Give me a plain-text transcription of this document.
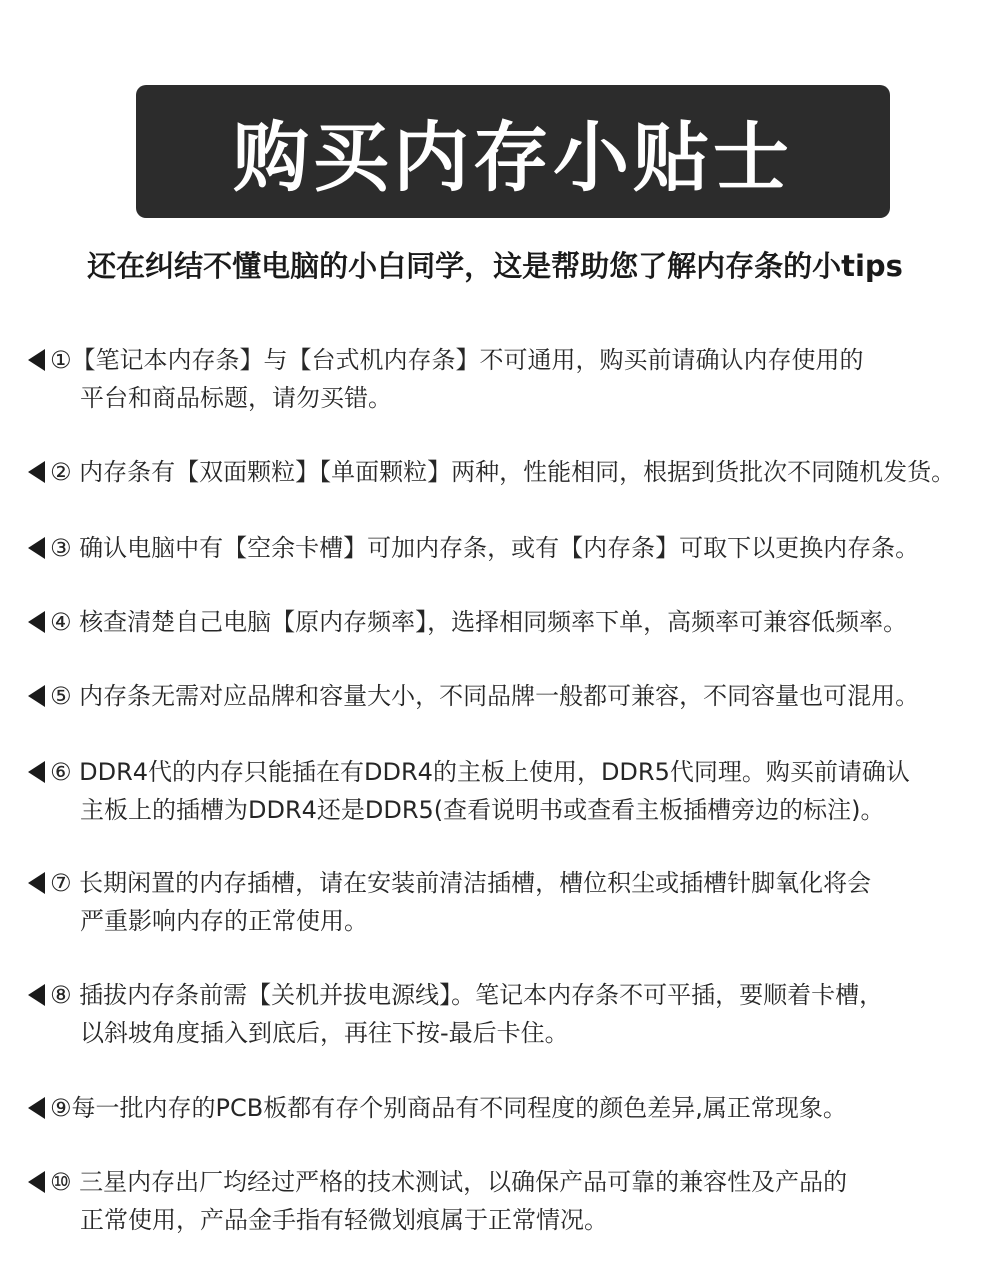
购买内存小贴士
还在纠结不懂电脑的小白同学，这是帮助您了解内存条的小tips
①【笔记本内存条】与【台式机内存条】不可通用，购买前请确认内存使用的
平台和商品标题，请勿买错。
② 内存条有【双面颗粒】【单面颗粒】两种，性能相同，根据到货批次不同随机发货。
③ 确认电脑中有【空余卡槽】可加内存条，或有【内存条】可取下以更换内存条。
④ 核查清楚自己电脑【原内存频率】，选择相同频率下单，高频率可兼容低频率。
⑤ 内存条无需对应品牌和容量大小，不同品牌一般都可兼容，不同容量也可混用。
⑥ DDR4代的内存只能插在有DDR4的主板上使用，DDR5代同理。购买前请确认
主板上的插槽为DDR4还是DDR5(查看说明书或查看主板插槽旁边的标注)。
⑦ 长期闲置的内存插槽，请在安装前清洁插槽，槽位积尘或插槽针脚氧化将会
严重影响内存的正常使用。
⑧ 插拔内存条前需【关机并拔电源线】。笔记本内存条不可平插，要顺着卡槽，
以斜坡角度插入到底后，再往下按-最后卡住。
⑨每一批内存的PCB板都有存个别商品有不同程度的颜色差异,属正常现象。
⑩ 三星内存出厂均经过严格的技术测试，以确保产品可靠的兼容性及产品的
正常使用，产品金手指有轻微划痕属于正常情况。
